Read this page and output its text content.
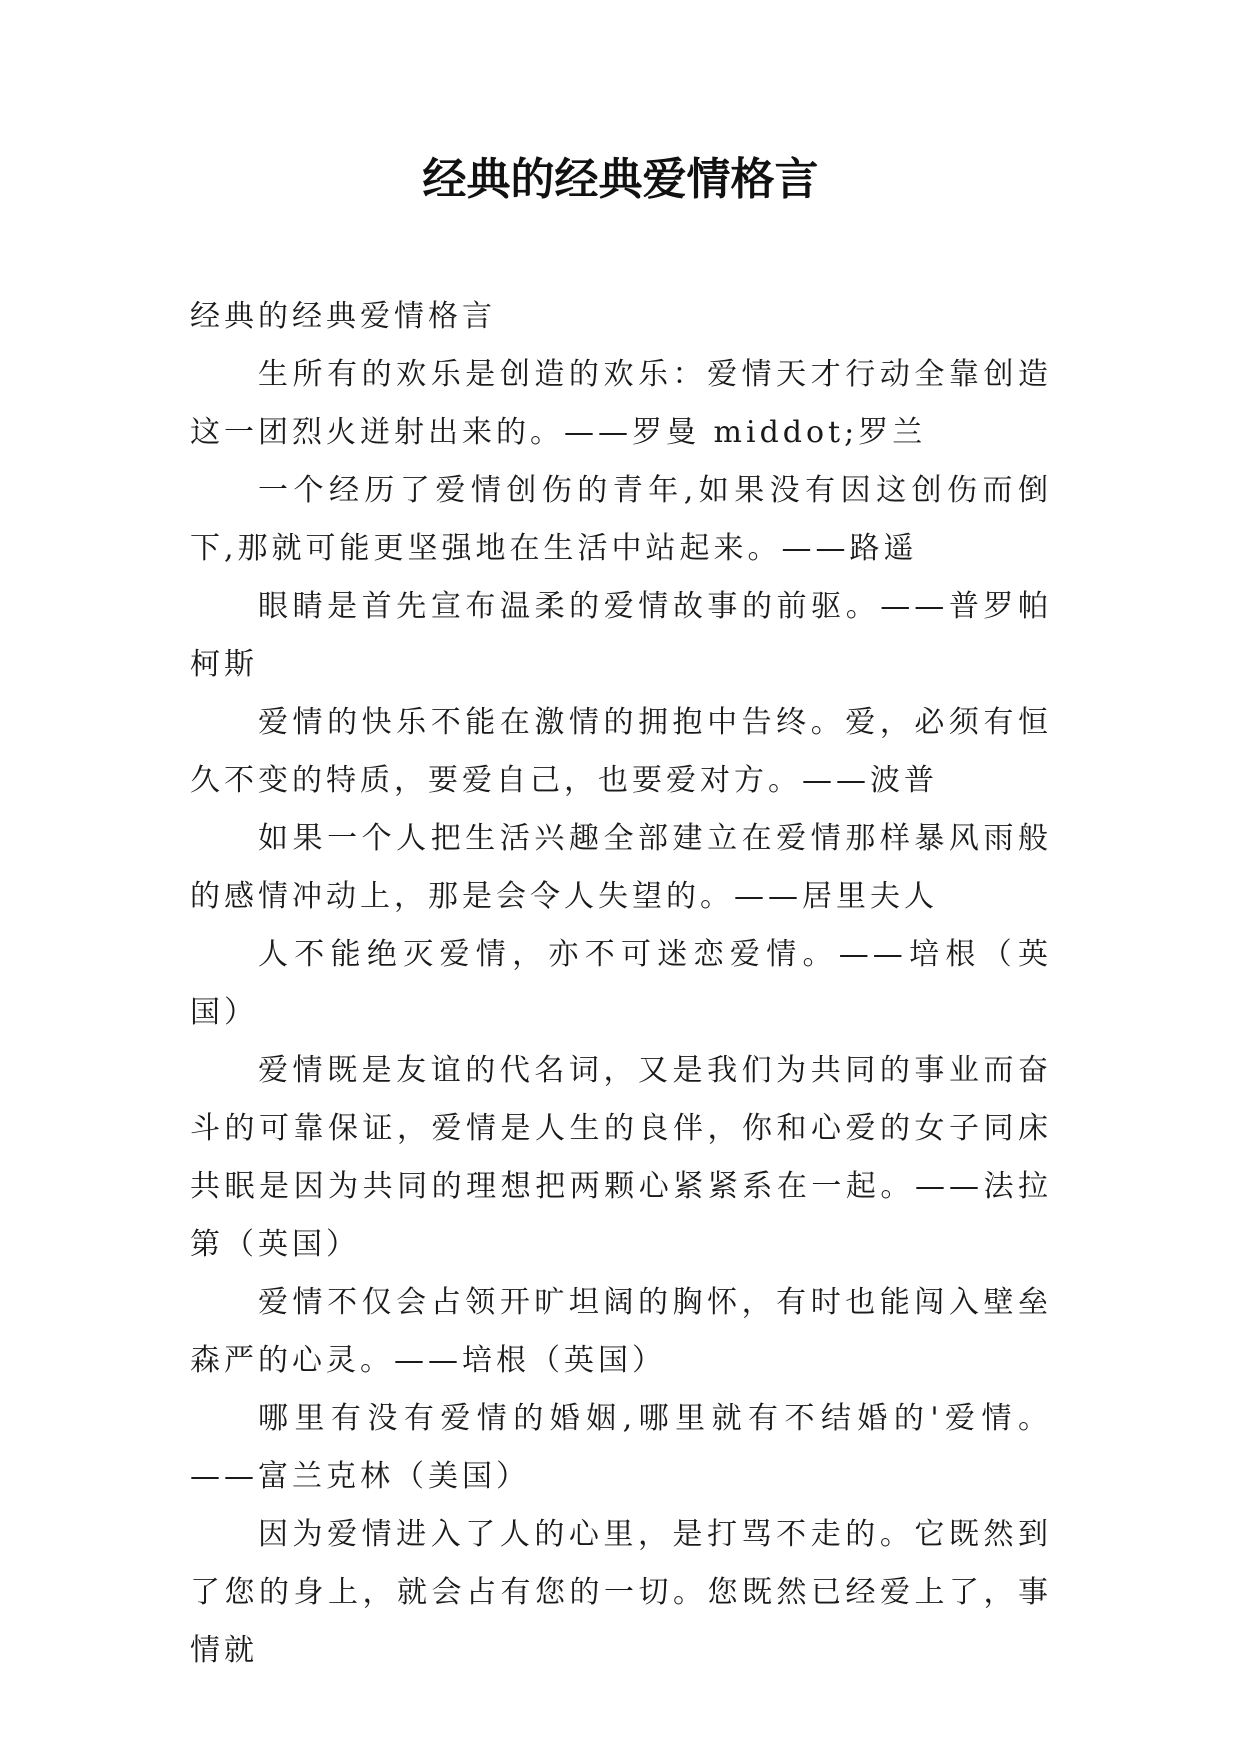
经典的经典爱情格言

经典的经典爱情格言

生所有的欢乐是创造的欢乐：爱情天才行动全靠创造这一团烈火迸射出来的。——罗曼 middot;罗兰

一个经历了爱情创伤的青年,如果没有因这创伤而倒下,那就可能更坚强地在生活中站起来。——路遥

眼睛是首先宣布温柔的爱情故事的前驱。——普罗帕柯斯

爱情的快乐不能在激情的拥抱中告终。爱，必须有恒久不变的特质，要爱自己，也要爱对方。——波普

如果一个人把生活兴趣全部建立在爱情那样暴风雨般的感情冲动上，那是会令人失望的。——居里夫人

人不能绝灭爱情，亦不可迷恋爱情。——培根（英国）

爱情既是友谊的代名词，又是我们为共同的事业而奋斗的可靠保证，爱情是人生的良伴，你和心爱的女子同床共眠是因为共同的理想把两颗心紧紧系在一起。——法拉第（英国）

爱情不仅会占领开旷坦阔的胸怀，有时也能闯入壁垒森严的心灵。——培根（英国）

哪里有没有爱情的婚姻,哪里就有不结婚的'爱情。——富兰克林（美国）

因为爱情进入了人的心里，是打骂不走的。它既然到了您的身上，就会占有您的一切。您既然已经爱上了，事情就
